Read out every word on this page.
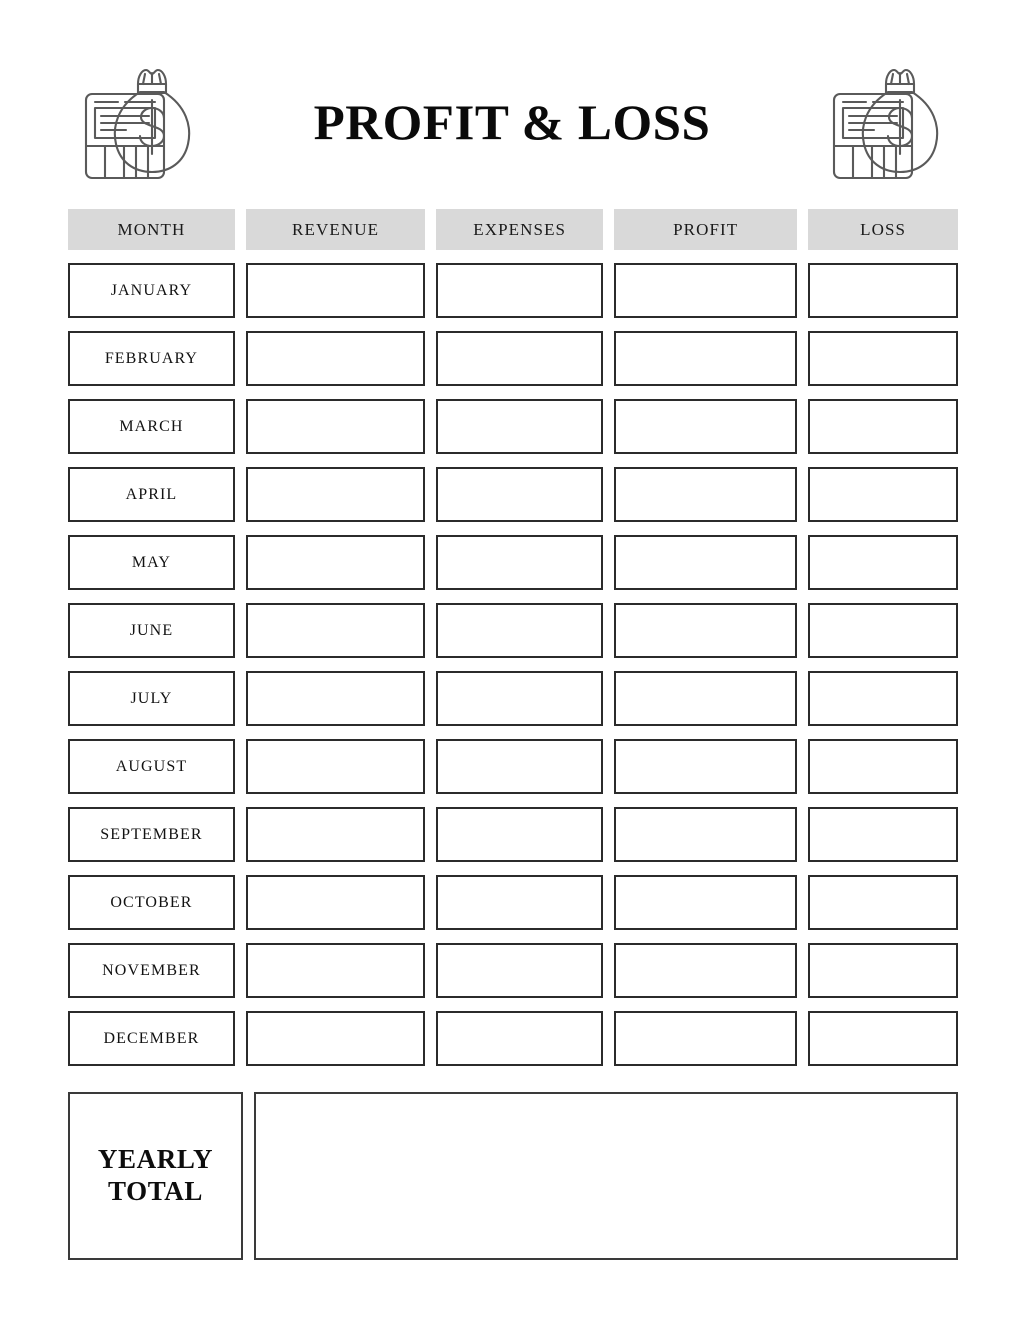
PROFIT & LOSS
MONTH	REVENUE	EXPENSES	PROFIT	LOSS
JANUARY
FEBRUARY
MARCH
APRIL
MAY
JUNE
JULY
AUGUST
SEPTEMBER
OCTOBER
NOVEMBER
DECEMBER
YEARLY
TOTAL
